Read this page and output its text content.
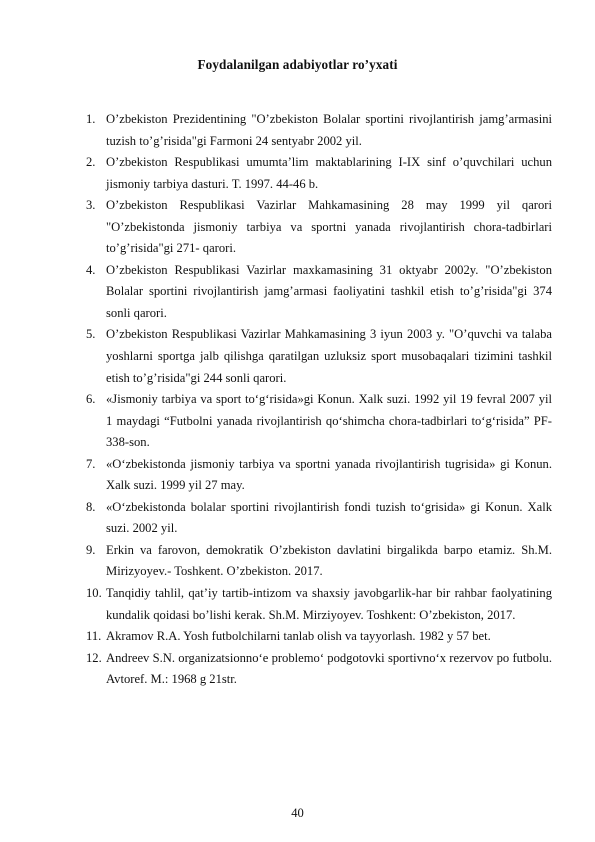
Foydalanilgan adabiyotlar ro’yxati
1. O’zbekiston Prezidentining "O’zbekiston Bolalar sportini rivojlantirish jamg’armasini tuzish to’g’risida"gi Farmoni 24 sentyabr 2002 yil.
2. O’zbekiston Respublikasi umumta’lim maktablarining I-IX sinf o’quvchilari uchun jismoniy tarbiya dasturi. T. 1997. 44-46 b.
3. O’zbekiston Respublikasi Vazirlar Mahkamasining 28 may 1999 yil qarori "O’zbekistonda jismoniy tarbiya va sportni yanada rivojlantirish chora-tadbirlari to’g’risida"gi 271- qarori.
4. O’zbekiston Respublikasi Vazirlar maxkamasining 31 oktyabr 2002y. "O’zbekiston Bolalar sportini rivojlantirish jamg’armasi faoliyatini tashkil etish to’g’risida"gi 374 sonli qarori.
5. O’zbekiston Respublikasi Vazirlar Mahkamasining 3 iyun 2003 y. "O’quvchi va talaba yoshlarni sportga jalb qilishga qaratilgan uzluksiz sport musobaqalari tizimini tashkil etish to’g’risida"gi 244 sonli qarori.
6. «Jismoniy tarbiya va sport to‘g‘risida»gi Konun. Xalk suzi. 1992 yil 19 fevral 2007 yil 1 maydagi “Futbolni yanada rivojlantirish qo‘shimcha chora-tadbirlari to‘g‘risida” PF-338-son.
7. «O‘zbekistonda jismoniy tarbiya va sportni yanada rivojlantirish tugrisida» gi Konun. Xalk suzi. 1999 yil 27 may.
8. «O‘zbekistonda bolalar sportini rivojlantirish fondi tuzish to‘grisida» gi Konun. Xalk suzi. 2002 yil.
9. Erkin va farovon, demokratik O’zbekiston davlatini birgalikda barpo etamiz. Sh.M. Mirizyoyev.- Toshkent. O’zbekiston. 2017.
10. Tanqidiy tahlil, qat’iy tartib-intizom va shaxsiy javobgarlik-har bir rahbar faolyatining kundalik qoidasi bo’lishi kerak. Sh.M. Mirziyoyev. Toshkent: O’zbekiston, 2017.
11. Akramov R.A. Yosh futbolchilarni tanlab olish va tayyorlash. 1982 y 57 bet.
12. Andreev S.N. organizatsionno‘e problemo‘ podgotovki sportivno‘x rezervov po futbolu. Avtoref. M.: 1968 g 21str.
40
